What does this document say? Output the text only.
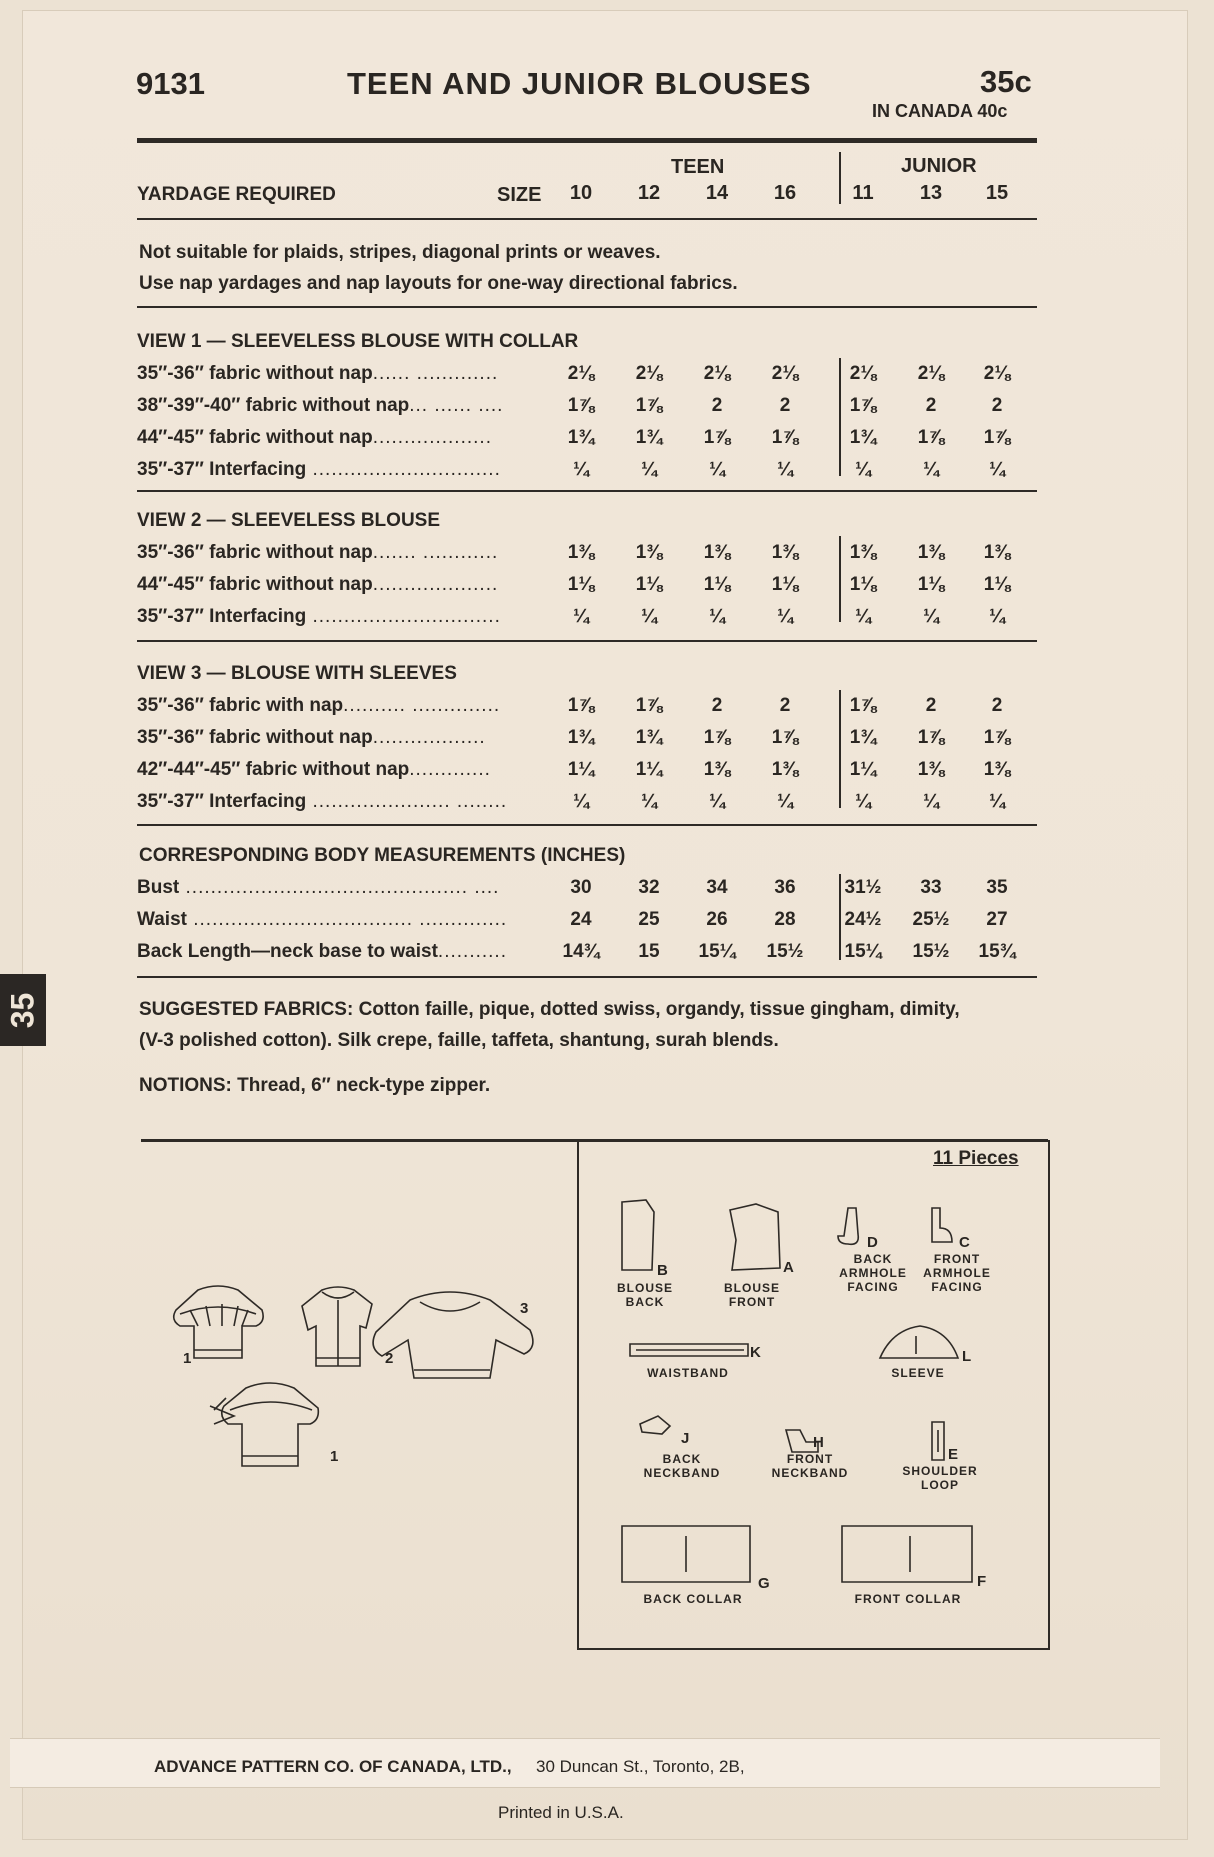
35
9131	TEEN AND JUNIOR BLOUSES	35c
IN CANADA 40c
TEEN	JUNIOR
YARDAGE REQUIRED	SIZE	10	12	14	16	11	13	15
Not suitable for plaids, stripes, diagonal prints or weaves.
Use nap yardages and nap layouts for one-way directional fabrics.
VIEW 1 — SLEEVELESS BLOUSE WITH COLLAR
35″-36″ fabric without nap...... .............	2⅛	2⅛	2⅛	2⅛	2⅛	2⅛	2⅛
38″-39″-40″ fabric without nap... ...... ....	1⅞	1⅞	2	2	1⅞	2	2
44″-45″ fabric without nap...................	1¾	1¾	1⅞	1⅞	1¾	1⅞	1⅞
35″-37″ Interfacing ..............................	¼	¼	¼	¼	¼	¼	¼
VIEW 2 — SLEEVELESS BLOUSE
35″-36″ fabric without nap....... ............	1⅜	1⅜	1⅜	1⅜	1⅜	1⅜	1⅜
44″-45″ fabric without nap....................	1⅛	1⅛	1⅛	1⅛	1⅛	1⅛	1⅛
35″-37″ Interfacing ..............................	¼	¼	¼	¼	¼	¼	¼
VIEW 3 — BLOUSE WITH SLEEVES
35″-36″ fabric with nap.......... ..............	1⅞	1⅞	2	2	1⅞	2	2
35″-36″ fabric without nap..................	1¾	1¾	1⅞	1⅞	1¾	1⅞	1⅞
42″-44″-45″ fabric without nap.............	1¼	1¼	1⅜	1⅜	1¼	1⅜	1⅜
35″-37″ Interfacing ...................... ........	¼	¼	¼	¼	¼	¼	¼
CORRESPONDING BODY MEASUREMENTS (INCHES)
Bust ............................................. ....	30	32	34	36	31½	33	35
Waist ................................... ..............	24	25	26	28	24½	25½	27
Back Length—neck base to waist...........	14¾	15	15¼	15½	15¼	15½	15¾
SUGGESTED FABRICS: Cotton faille, pique, dotted swiss, organdy, tissue gingham, dimity,
(V-3 polished cotton). Silk crepe, faille, taffeta, shantung, surah blends.
NOTIONS: Thread, 6″ neck-type zipper.
1	2
3
1
11 Pieces
B
BLOUSE BACK
A
BLOUSE FRONT
D
BACK ARMHOLE FACING
C
FRONT ARMHOLE FACING
K
WAISTBAND
L
SLEEVE
J
BACK NECKBAND
H
FRONT NECKBAND
E
SHOULDER LOOP
G
BACK COLLAR
F
FRONT COLLAR
ADVANCE PATTERN CO. OF CANADA, LTD., 30 Duncan St., Toronto, 2B,
Printed in U.S.A.
